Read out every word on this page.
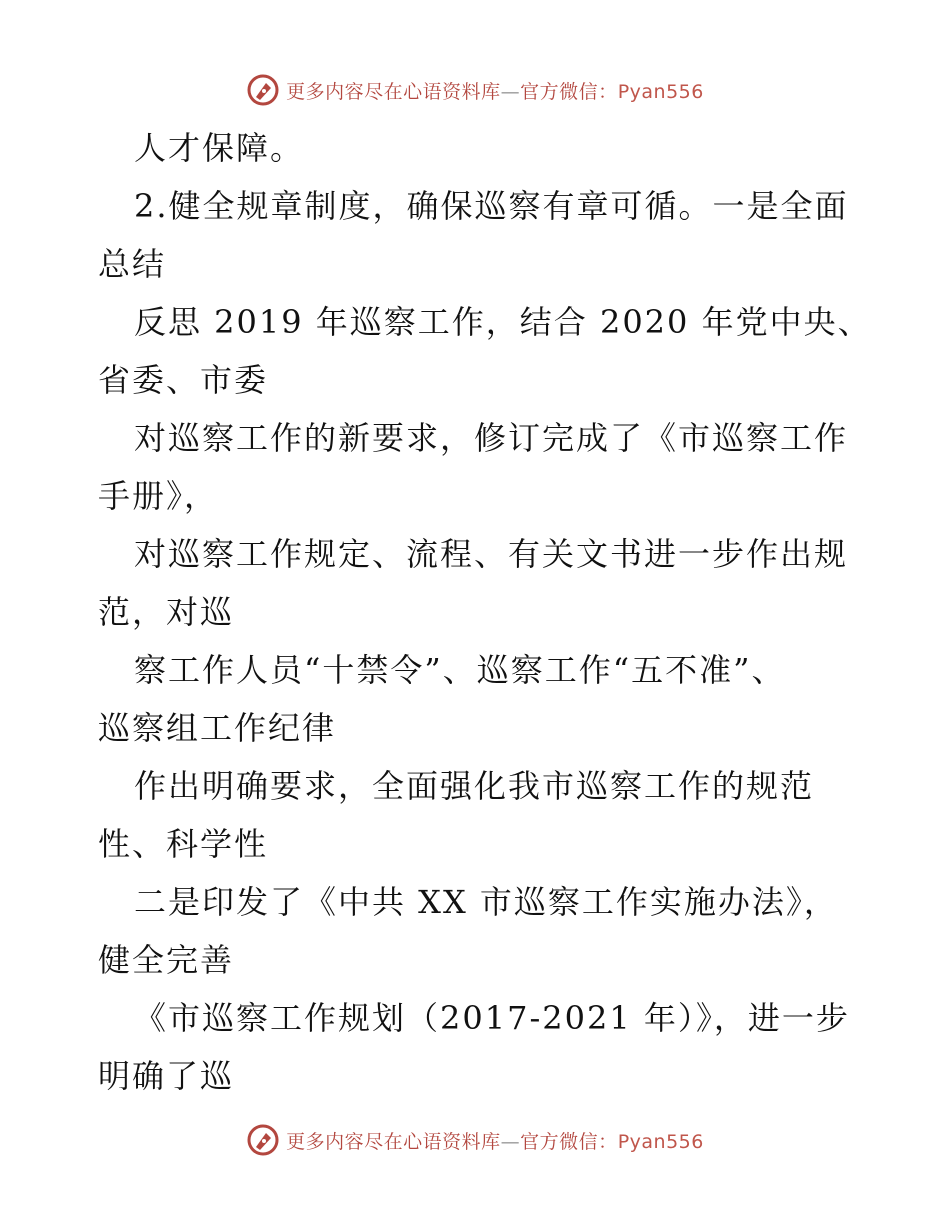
更多内容尽在心语资料库—官方微信：Pyan556
人才保障。
2.健全规章制度，确保巡察有章可循。一是全面
总结
反思 2019 年巡察工作，结合 2020 年党中央、
省委、市委
对巡察工作的新要求，修订完成了《市巡察工作
手册》，
对巡察工作规定、流程、有关文书进一步作出规
范，对巡
察工作人员“十禁令”、巡察工作“五不准”、
巡察组工作纪律
作出明确要求，全面强化我市巡察工作的规范
性、科学性
二是印发了《中共 XX 市巡察工作实施办法》，
健全完善
《市巡察工作规划（2017-2021 年）》，进一步
明确了巡
更多内容尽在心语资料库—官方微信：Pyan556
